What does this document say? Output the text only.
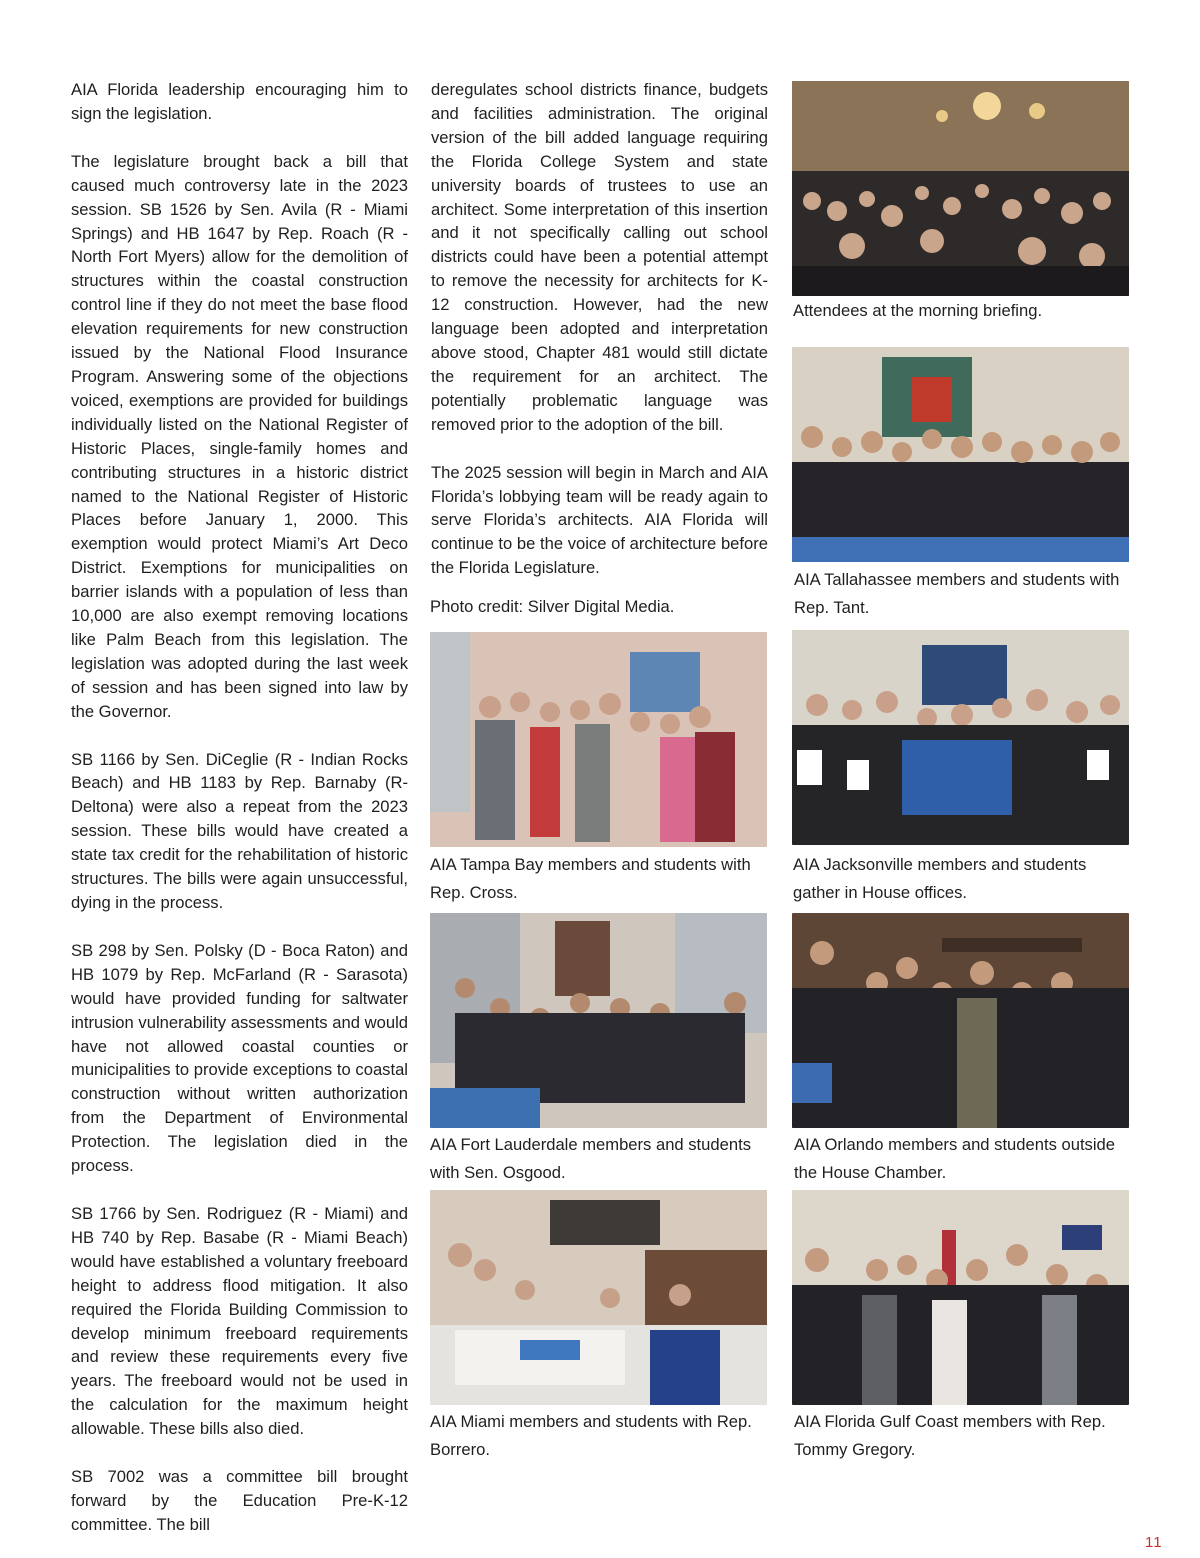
AIA Florida leadership encouraging him to sign the legislation.

The legislature brought back a bill that caused much controversy late in the 2023 session. SB 1526 by Sen. Avila (R - Miami Springs) and HB 1647 by Rep. Roach (R - North Fort Myers) allow for the demolition of structures within the coastal construction control line if they do not meet the base flood elevation requirements for new construction issued by the National Flood Insurance Program. Answering some of the objections voiced, exemptions are provided for buildings individually listed on the National Register of Historic Places, single-family homes and contributing structures in a historic district named to the National Register of Historic Places before January 1, 2000. This exemption would protect Miami’s Art Deco District. Exemptions for municipalities on barrier islands with a population of less than 10,000 are also exempt removing locations like Palm Beach from this legislation. The legislation was adopted during the last week of session and has been signed into law by the Governor.

SB 1166 by Sen. DiCeglie (R - Indian Rocks Beach) and HB 1183 by Rep. Barnaby (R-Deltona) were also a repeat from the 2023 session. These bills would have created a state tax credit for the rehabilitation of historic structures. The bills were again unsuccessful, dying in the process.

SB 298 by Sen. Polsky (D - Boca Raton) and HB 1079 by Rep. McFarland (R - Sarasota) would have provided funding for saltwater intrusion vulnerability assessments and would have not allowed coastal counties or municipalities to provide exceptions to coastal construction without written authorization from the Department of Environmental Protection. The legislation died in the process.

SB 1766 by Sen. Rodriguez (R - Miami) and HB 740 by Rep. Basabe (R - Miami Beach) would have established a voluntary freeboard height to address flood mitigation. It also required the Florida Building Commission to develop minimum freeboard requirements and review these requirements every five years. The freeboard would not be used in the calculation for the maximum height allowable. These bills also died.

SB 7002 was a committee bill brought forward by the Education Pre-K-12 committee. The bill

deregulates school districts finance, budgets and facilities administration. The original version of the bill added language requiring the Florida College System and state university boards of trustees to use an architect. Some interpretation of this insertion and it not specifically calling out school districts could have been a potential attempt to remove the necessity for architects for K-12 construction. However, had the new language been adopted and interpretation above stood, Chapter 481 would still dictate the requirement for an architect. The potentially problematic language was removed prior to the adoption of the bill.

The 2025 session will begin in March and AIA Florida’s lobbying team will be ready again to serve Florida’s architects. AIA Florida will continue to be the voice of architecture before the Florida Legislature.

Photo credit: Silver Digital Media.
Attendees at the morning briefing.
AIA Tallahassee members and students with Rep. Tant.
AIA Tampa Bay members and students with Rep. Cross.
AIA Jacksonville members and students gather in House offices.
AIA Fort Lauderdale members and students with Sen. Osgood.
AIA Orlando members and students outside the House Chamber.
AIA Miami members and students with Rep. Borrero.
AIA Florida Gulf Coast members with Rep. Tommy Gregory.
11
